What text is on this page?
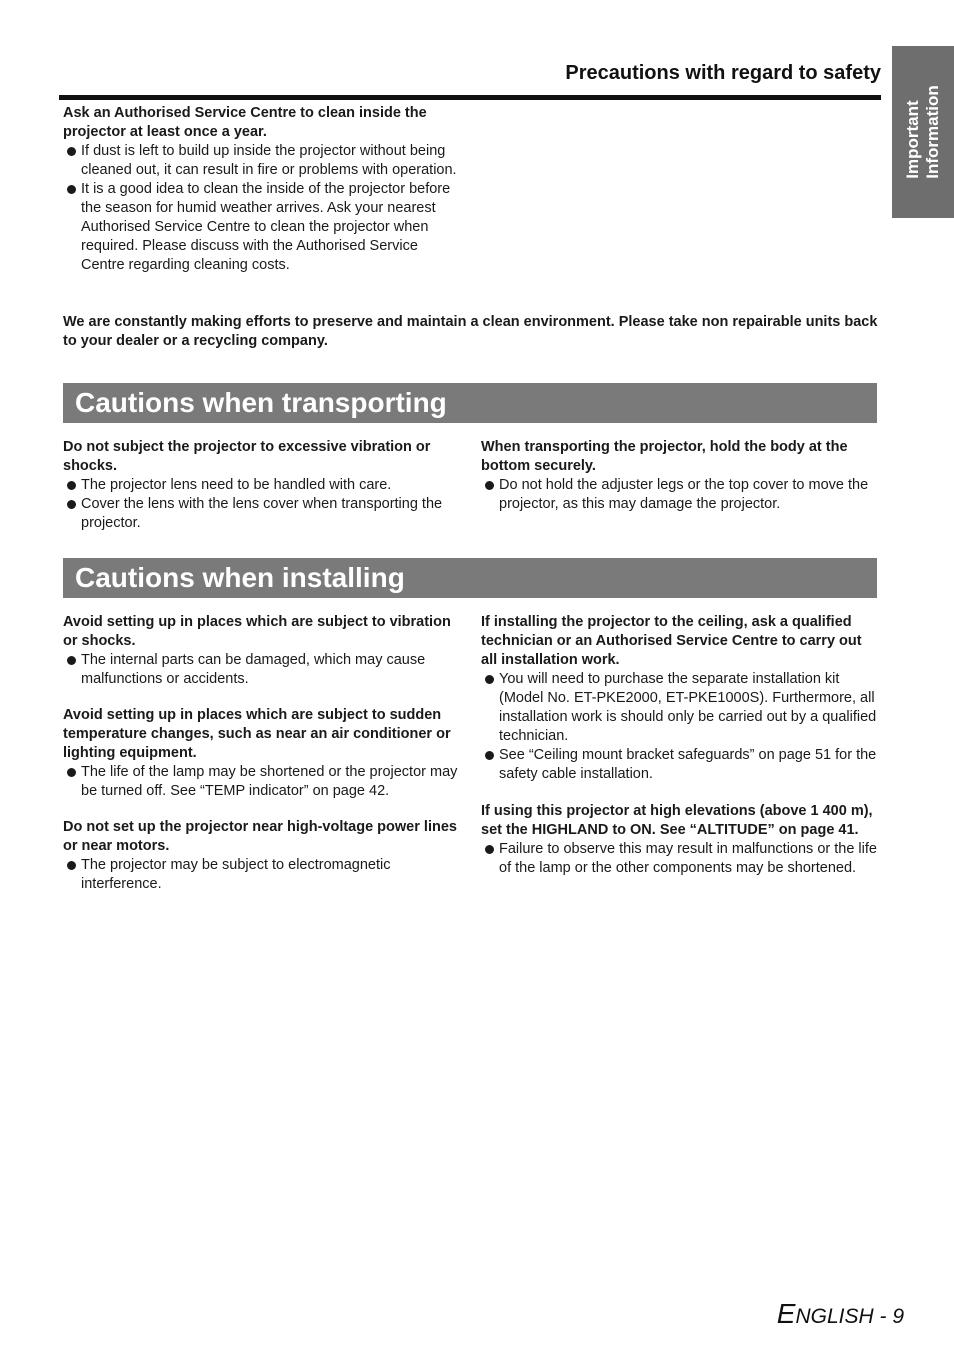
Precautions with regard to safety
Important Information
Ask an Authorised Service Centre to clean inside the projector at least once a year.
If dust is left to build up inside the projector without being cleaned out, it can result in fire or problems with operation.
It is a good idea to clean the inside of the projector before the season for humid weather arrives. Ask your nearest Authorised Service Centre to clean the projector when required. Please discuss with the Authorised Service Centre regarding cleaning costs.
We are constantly making efforts to preserve and maintain a clean environment. Please take non repairable units back to your dealer or a recycling company.
Cautions when transporting
Do not subject the projector to excessive vibration or shocks.
The projector lens need to be handled with care.
Cover the lens with the lens cover when transporting the projector.
When transporting the projector, hold the body at the bottom securely.
Do not hold the adjuster legs or the top cover to move the projector, as this may damage the projector.
Cautions when installing
Avoid setting up in places which are subject to vibration or shocks.
The internal parts can be damaged, which may cause malfunctions or accidents.
Avoid setting up in places which are subject to sudden temperature changes, such as near an air conditioner or lighting equipment.
The life of the lamp may be shortened or the projector may be turned off. See “TEMP indicator” on page 42.
Do not set up the projector near high-voltage power lines or near motors.
The projector may be subject to electromagnetic interference.
If installing the projector to the ceiling, ask a qualified technician or an Authorised Service Centre to carry out all installation work.
You will need to purchase the separate installation kit (Model No. ET-PKE2000, ET-PKE1000S). Furthermore, all installation work is should only be carried out by a qualified technician.
See “Ceiling mount bracket safeguards” on page 51 for the safety cable installation.
If using this projector at high elevations (above 1 400 m), set the HIGHLAND to ON. See “ALTITUDE” on page 41.
Failure to observe this may result in malfunctions or the life of the lamp or the other components may be shortened.
ENGLISH - 9
